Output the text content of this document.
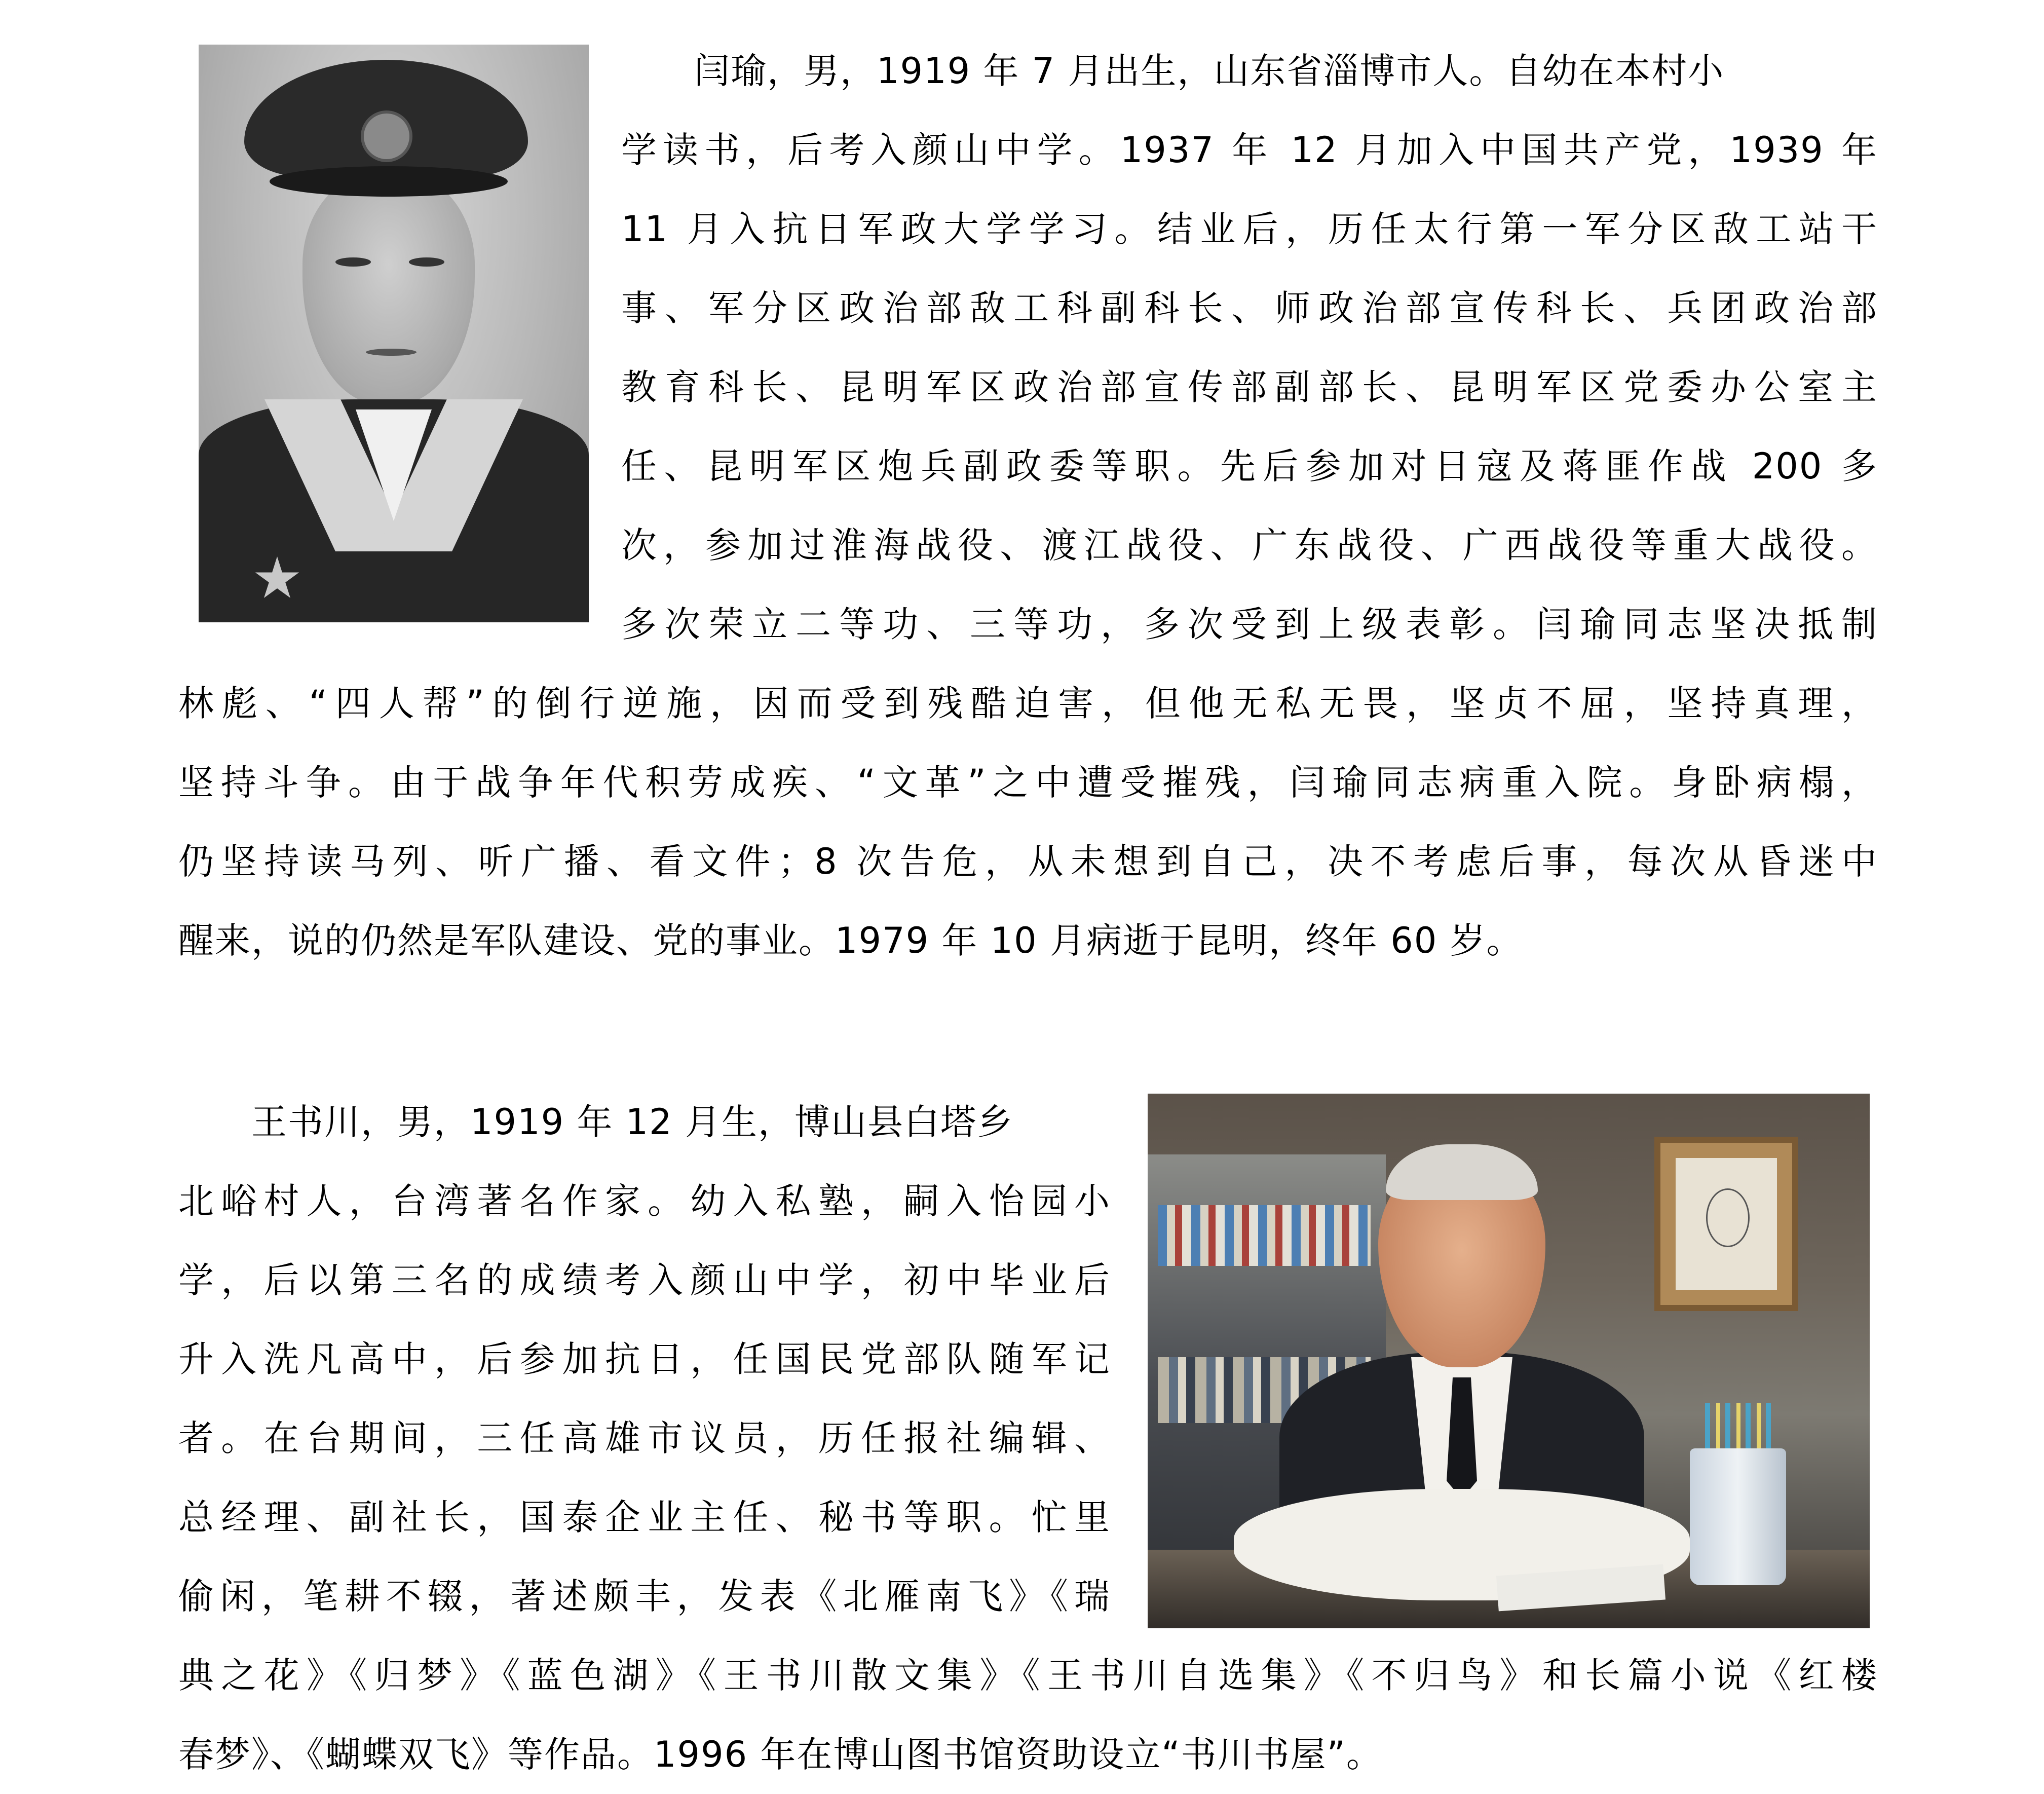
　　闫瑜，男，1919 年 7 月出生，山东省淄博市人。自幼在本村小
学读书，后考入颜山中学。1937 年 12 月加入中国共产党，1939 年
11 月入抗日军政大学学习。结业后，历任太行第一军分区敌工站干
事、军分区政治部敌工科副科长、师政治部宣传科长、兵团政治部
教育科长、昆明军区政治部宣传部副部长、昆明军区党委办公室主
任、昆明军区炮兵副政委等职。先后参加对日寇及蒋匪作战 200 多
次，参加过淮海战役、渡江战役、广东战役、广西战役等重大战役。
多次荣立二等功、三等功，多次受到上级表彰。闫瑜同志坚决抵制
林彪、“四人帮”的倒行逆施，因而受到残酷迫害，但他无私无畏，坚贞不屈，坚持真理，
坚持斗争。由于战争年代积劳成疾、“文革”之中遭受摧残，闫瑜同志病重入院。身卧病榻，
仍坚持读马列、听广播、看文件；8 次告危，从未想到自己，决不考虑后事，每次从昏迷中
醒来，说的仍然是军队建设、党的事业。1979 年 10 月病逝于昆明，终年 60 岁。
　　王书川，男，1919 年 12 月生，博山县白塔乡
北峪村人，台湾著名作家。幼入私塾，嗣入怡园小
学，后以第三名的成绩考入颜山中学，初中毕业后
升入洗凡高中，后参加抗日，任国民党部队随军记
者。在台期间，三任高雄市议员，历任报社编辑、
总经理、副社长，国泰企业主任、秘书等职。忙里
偷闲，笔耕不辍，著述颇丰，发表《北雁南飞》《瑞
典之花》《归梦》《蓝色湖》《王书川散文集》《王书川自选集》《不归鸟》和长篇小说《红楼
春梦》、《蝴蝶双飞》等作品。1996 年在博山图书馆资助设立“书川书屋”。
